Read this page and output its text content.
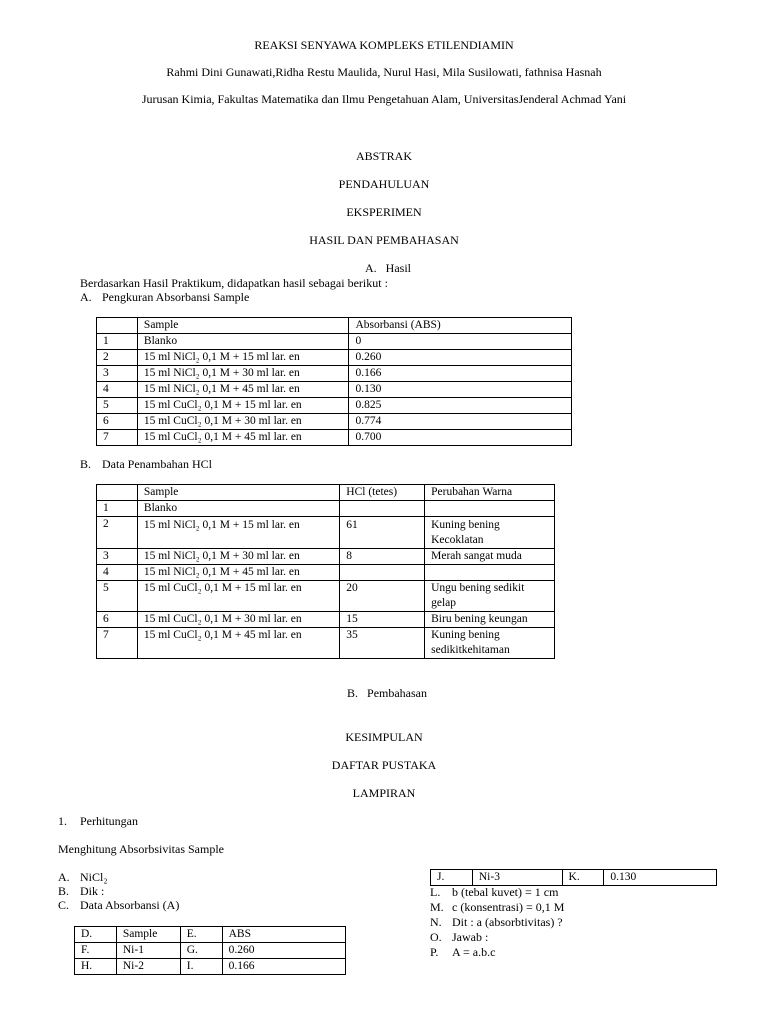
REAKSI SENYAWA KOMPLEKS ETILENDIAMIN
Rahmi Dini Gunawati,Ridha Restu Maulida, Nurul Hasi, Mila Susilowati, fathnisa Hasnah
Jurusan Kimia, Fakultas Matematika dan Ilmu Pengetahuan Alam, UniversitasJenderal Achmad Yani
ABSTRAK
PENDAHULUAN
EKSPERIMEN
HASIL DAN PEMBAHASAN
A. Hasil
Berdasarkan Hasil Praktikum, didapatkan hasil sebagai berikut :
A. Pengkuran Absorbansi Sample
	Sample	Absorbansi (ABS)
1	Blanko	0
2	15 ml NiCl₂ 0,1 M + 15 ml lar. en	0.260
3	15 ml NiCl₂ 0,1 M + 30 ml lar. en	0.166
4	15 ml NiCl₂ 0,1 M + 45 ml lar. en	0.130
5	15 ml CuCl₂ 0,1 M + 15 ml lar. en	0.825
6	15 ml CuCl₂ 0,1 M + 30 ml lar. en	0.774
7	15 ml CuCl₂ 0,1 M + 45 ml lar. en	0.700
B. Data Penambahan HCl
	Sample	HCl (tetes)	Perubahan Warna
1	Blanko		

2	15 ml NiCl₂ 0,1 M + 15 ml lar. en	61	Kuning bening
Kecoklatan

3	15 ml NiCl₂ 0,1 M + 30 ml lar. en	8	Merah sangat muda

4	15 ml NiCl₂ 0,1 M + 45 ml lar. en		

5	15 ml CuCl₂ 0,1 M + 15 ml lar. en	20	Ungu bening sedikit
gelap

6	15 ml CuCl₂ 0,1 M + 30 ml lar. en	15	Biru bening keungan

7	15 ml CuCl₂ 0,1 M + 45 ml lar. en	35	Kuning bening
sedikitkehitaman
B. Pembahasan
KESIMPULAN
DAFTAR PUSTAKA
LAMPIRAN
1. Perhitungan
Menghitung Absorbsivitas Sample
A. NiCl₂
B. Dik :
C. Data Absorbansi (A)
D.	Sample	E.	ABS
F.	Ni-1	G.	0.260
H.	Ni-2	I.	0.166
J.	Ni-3	K.	0.130
L. b (tebal kuvet) = 1 cm
M. c (konsentrasi) = 0,1 M
N. Dit : a (absorbtivitas) ?
O. Jawab :
P. A = a.b.c
